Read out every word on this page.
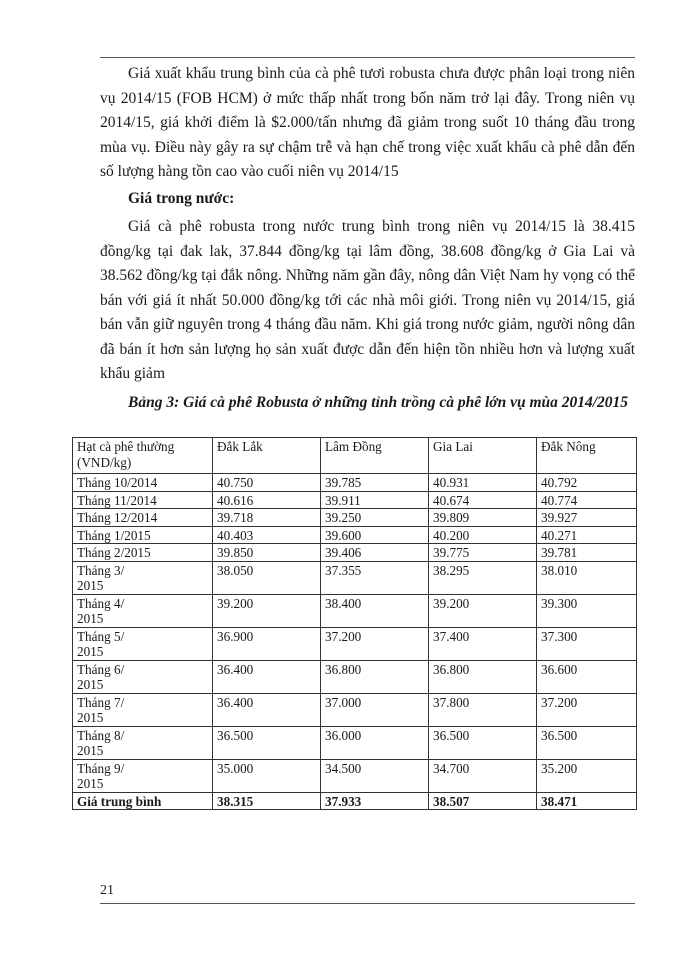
Giá xuất khẩu trung bình của cà phê tươi robusta chưa được phân loại trong niên vụ 2014/15 (FOB HCM) ở mức thấp nhất trong bốn năm trở lại đây. Trong niên vụ 2014/15, giá khởi điểm là $2.000/tấn nhưng đã giảm trong suốt 10 tháng đầu trong mùa vụ. Điều này gây ra sự chậm trễ và hạn chế trong việc xuất khẩu cà phê dẫn đến số lượng hàng tồn cao vào cuối niên vụ 2014/15

Giá trong nước:

Giá cà phê robusta trong nước trung bình trong niên vụ 2014/15 là 38.415 đồng/kg tại đak lak, 37.844 đồng/kg tại lâm đồng, 38.608 đồng/kg ở Gia Lai và 38.562 đồng/kg tại đắk nông. Những năm gần đây, nông dân Việt Nam hy vọng có thể bán với giá ít nhất 50.000 đồng/kg tới các nhà môi giới. Trong niên vụ 2014/15, giá bán vẫn giữ nguyên trong 4 tháng đầu năm. Khi giá trong nước giảm, người nông dân đã bán ít hơn sản lượng họ sản xuất được dẫn đến hiện tồn nhiều hơn và lượng xuất khẩu giảm

Bảng 3: Giá cà phê Robusta ở những tỉnh trồng cà phê lớn vụ mùa 2014/2015

Hạt cà phê thường (VND/kg)	Đắk Lắk	Lâm Đồng	Gia Lai	Đắk Nông
Tháng 10/2014	40.750	39.785	40.931	40.792
Tháng 11/2014	40.616	39.911	40.674	40.774
Tháng 12/2014	39.718	39.250	39.809	39.927
Tháng 1/2015	40.403	39.600	40.200	40.271
Tháng 2/2015	39.850	39.406	39.775	39.781
Tháng 3/
2015	38.050	37.355	38.295	38.010
Tháng 4/
2015	39.200	38.400	39.200	39.300
Tháng 5/
2015	36.900	37.200	37.400	37.300
Tháng 6/
2015	36.400	36.800	36.800	36.600
Tháng 7/
2015	36.400	37.000	37.800	37.200
Tháng 8/
2015	36.500	36.000	36.500	36.500
Tháng 9/
2015	35.000	34.500	34.700	35.200
Giá trung bình	38.315	37.933	38.507	38.471
21
